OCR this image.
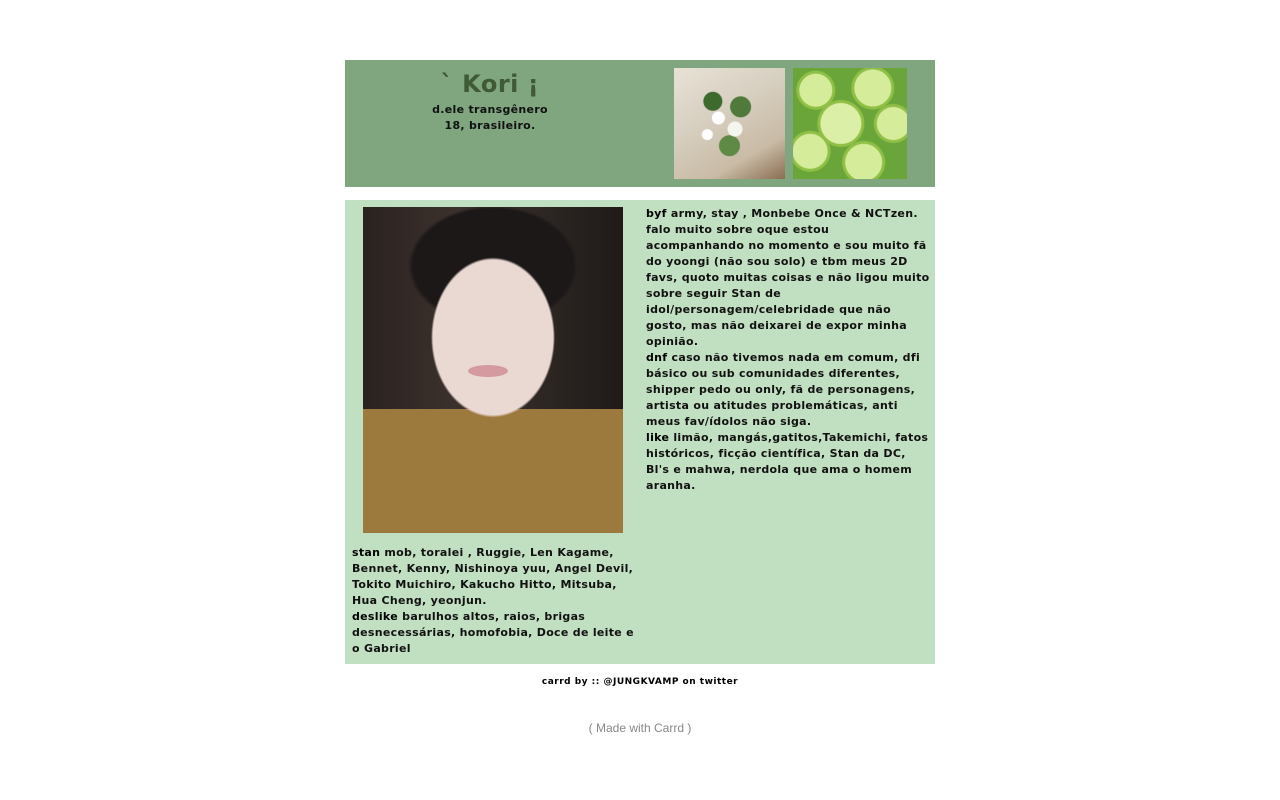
` Kori ¡
d.ele transgênero
18, brasileiro.
byf army, stay , Monbebe Once & NCTzen. falo muito sobre oque estou acompanhando no momento e sou muito fã do yoongi (não sou solo) e tbm meus 2D favs, quoto muitas coisas e não ligou muito sobre seguir Stan de idol/personagem/celebridade que não gosto, mas não deixarei de expor minha opinião.
dnf caso não tivemos nada em comum, dfi básico ou sub comunidades diferentes, shipper pedo ou only, fã de personagens, artista ou atitudes problemáticas, anti meus fav/ídolos não siga.
like limão, mangás,gatitos,Takemichi, fatos históricos, ficção científica, Stan da DC, Bl's e mahwa, nerdola que ama o homem aranha.
stan mob, toralei , Ruggie, Len Kagame, Bennet, Kenny, Nishinoya yuu, Angel Devil, Tokito Muichiro, Kakucho Hitto, Mitsuba, Hua Cheng, yeonjun.
deslike barulhos altos, raios, brigas desnecessárias, homofobia, Doce de leite e o Gabriel
carrd by :: @JUNGKVAMP on twitter
( Made with Carrd )
